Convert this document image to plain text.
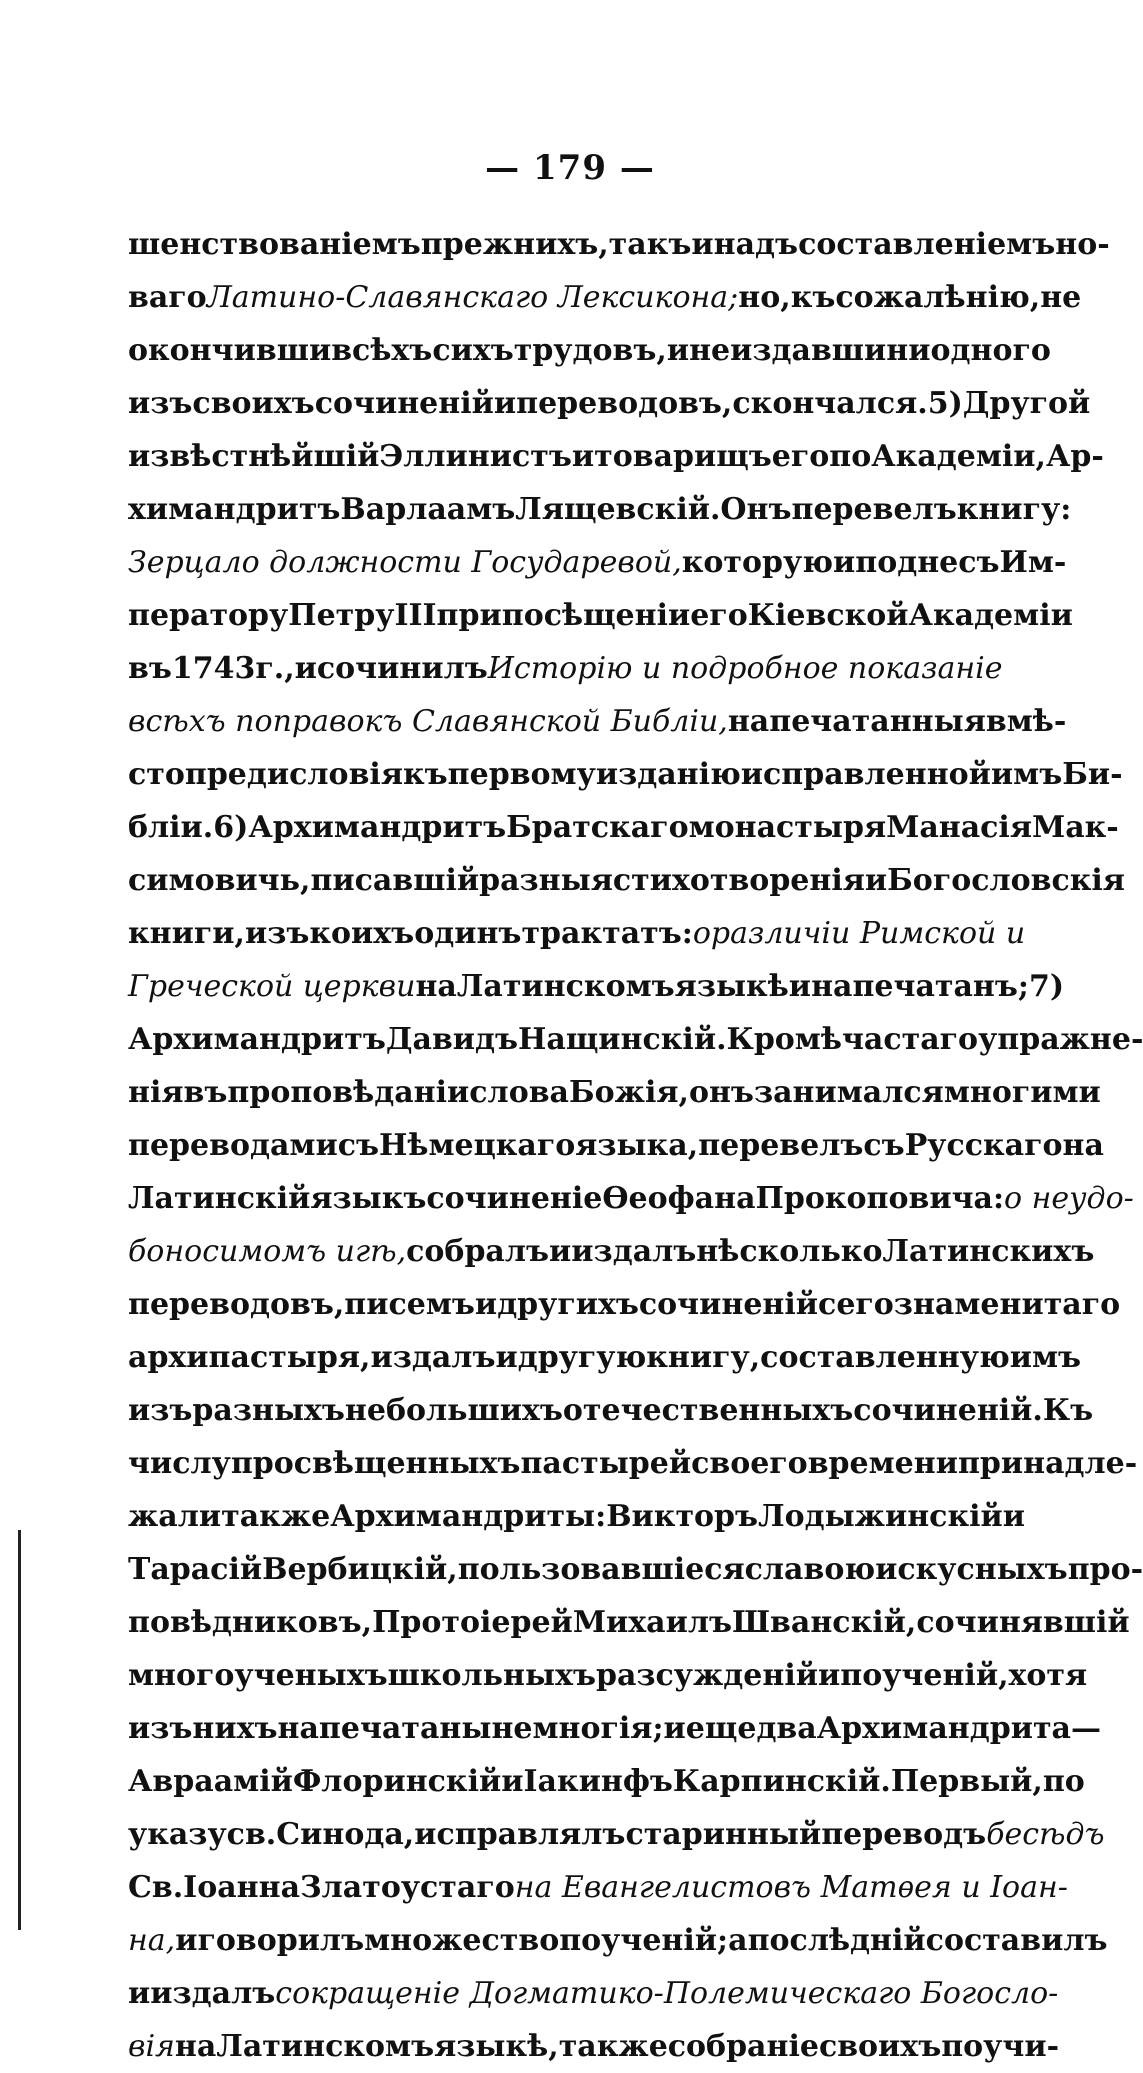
— 179 —
шенствованіемъ прежнихъ, такъ и надъ составленіемъ но-
ваго Латино-Славянскаго Лексикона; но, къ сожалѣнію, не
окончивши всѣхъ сихъ трудовъ, и не издавши ни одного
изъ своихъ сочиненій и переводовъ, скончался. 5) Другой
извѣстнѣйшій Эллинистъ и товарищъ его по Академіи, Ар-
химандритъ Варлаамъ Лящевскій. Онъ перевелъ книгу:
Зерцало должности Государевой, которую и поднесъ Им-
ператору Петру III при посѣщеніи его Кіевской Академіи
въ 1743 г., и сочинилъ Исторію и подробное показаніе
всѣхъ поправокъ Славянской Библіи, напечатанныя вмѣ-
сто предисловія къ первому изданію исправленной имъ Би-
бліи. 6) Архимандритъ Братскаго монастыря Манасія Мак-
симовичь, писавшій разныя стихотворенія и Богословскія
книги, изъ коихъ одинъ трактатъ: о различіи Римской и
Греческой церкви на Латинскомъ языкѣ и напечатанъ; 7)
Архимандритъ Давидъ Нащинскій. Кромѣ частаго упражне-
нія въ проповѣданіи слова Божія, онъ занимался многими
переводами съ Нѣмецкаго языка, перевелъ съ Русскаго на
Латинскій языкъ сочиненіе Ѳеофана Прокоповича: о неудо-
боносимомъ игѣ, собралъ и издалъ нѣсколько Латинскихъ
переводовъ, писемъ и другихъ сочиненій сего знаменитаго
архипастыря, издалъ и другую книгу, составленную имъ
изъ разныхъ небольшихъ отечественныхъ сочиненій. Къ
числу просвѣщенныхъ пастырей своего времени принадле-
жали также Архимандриты: Викторъ Лодыжинскій и
Тарасій Вербицкій, пользовавшіеся славою искусныхъ про-
повѣдниковъ, Протоіерей Михаилъ Шванскій, сочинявшій
много ученыхъ школьныхъ разсужденій и поученій, хотя
изъ нихъ напечатаны немногія; и еще два Архимандрита —
Авраамій Флоринскій и Іакинфъ Карпинскій. Первый, по
указу св. Синода, исправлялъ старинный переводъ бесѣдъ
Св. Іоанна Златоустаго на Евангелистовъ Матѳея и Іоан-
на, и говорилъ множество поученій; а послѣдній составилъ
и издалъ сокращеніе Догматико-Полемическаго Богосло-
вія на Латинскомъ языкѣ, также собраніе своихъ поучи-
